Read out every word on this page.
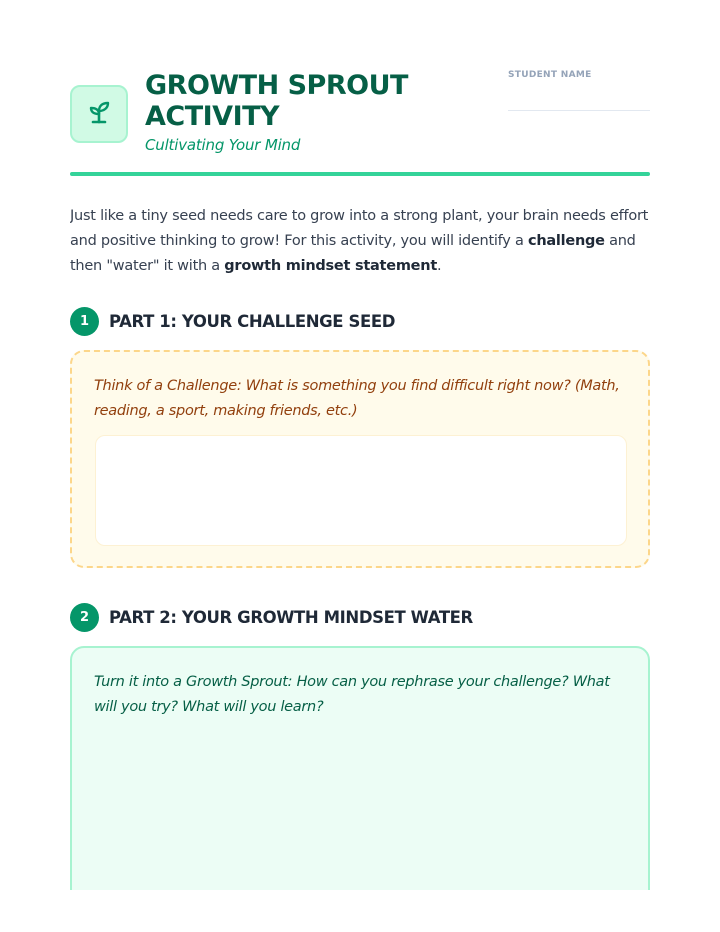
GROWTH SPROUT ACTIVITY
Cultivating Your Mind
STUDENT NAME

Just like a tiny seed needs care to grow into a strong plant, your brain needs effort and positive thinking to grow! For this activity, you will identify a challenge and then "water" it with a growth mindset statement.

1	PART 1: YOUR CHALLENGE SEED
Think of a Challenge: What is something you find difficult right now? (Math, reading, a sport, making friends, etc.)
2	PART 2: YOUR GROWTH MINDSET WATER
Turn it into a Growth Sprout: How can you rephrase your challenge? What will you try? What will you learn?
